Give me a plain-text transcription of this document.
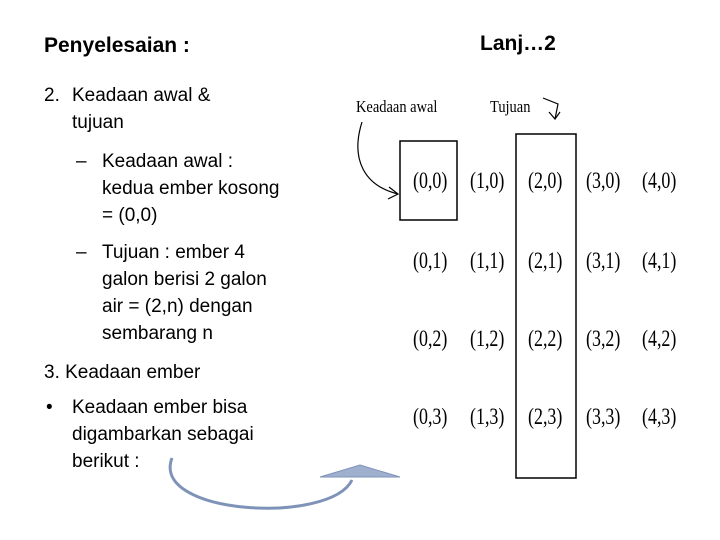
Penyelesaian :	Lanj…2
2. Keadaan awal &
tujuan
– Keadaan awal :
kedua ember kosong
= (0,0)
– Tujuan : ember 4
galon berisi 2 galon
air = (2,n) dengan
sembarang n
3. Keadaan ember
• Keadaan ember bisa
digambarkan sebagai
berikut :
Keadaan awal	Tujuan
(0,0) (1,0) (2,0) (3,0) (4,0)
(0,1) (1,1) (2,1) (3,1) (4,1)
(0,2) (1,2) (2,2) (3,2) (4,2)
(0,3) (1,3) (2,3) (3,3) (4,3)
